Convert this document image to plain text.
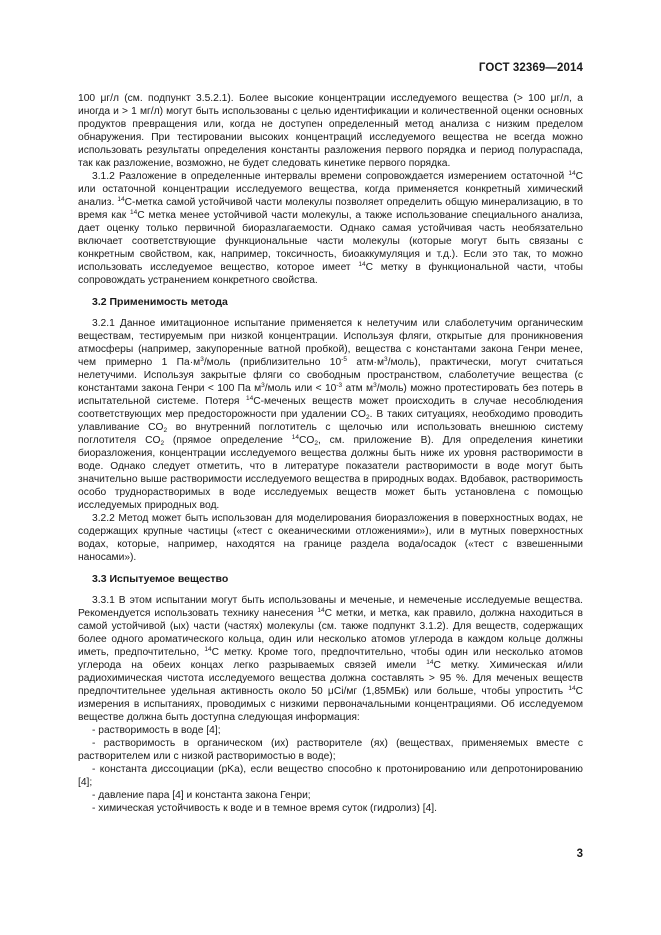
ГОСТ 32369—2014

100 μг/л (см. подпункт 3.5.2.1). Более высокие концентрации исследуемого вещества (> 100 μг/л, а иногда и > 1 мг/л) могут быть использованы с целью идентификации и количественной оценки основных продуктов превращения или, когда не доступен определенный метод анализа с низким пределом обнаружения. При тестировании высоких концентраций исследуемого вещества не всегда можно использовать результаты определения константы разложения первого порядка и период полураспада, так как разложение, возможно, не будет следовать кинетике первого порядка.

3.1.2 Разложение в определенные интервалы времени сопровождается измерением остаточной $^{14}$C или остаточной концентрации исследуемого вещества, когда применяется конкретный химический анализ. $^{14}$C-метка самой устойчивой части молекулы позволяет определить общую минерализацию, в то время как $^{14}$C метка менее устойчивой части молекулы, а также использование специального анализа, дает оценку только первичной биоразлагаемости. Однако самая устойчивая часть необязательно включает соответствующие функциональные части молекулы (которые могут быть связаны с конкретным свойством, как, например, токсичность, биоаккумуляция и т.д.). Если это так, то можно использовать исследуемое вещество, которое имеет $^{14}$C метку в функциональной части, чтобы сопровождать устранением конкретного свойства.

3.2 Применимость метода

3.2.1 Данное имитационное испытание применяется к нелетучим или слаболетучим органическим веществам, тестируемым при низкой концентрации. Используя фляги, открытые для проникновения атмосферы (например, закупоренные ватной пробкой), вещества с константами закона Генри менее, чем примерно 1 $Па\cdot м^3$/моль (приблизительно $10^{-5}$ $атм\cdot м^3/моль$), практически, могут считаться нелетучими. Используя закрытые фляги со свободным пространством, слаболетучие вещества (с константами закона Генри < 100 Па $м^3$/моль или < $10^{-3}$ атм $м^3/моль$) можно протестировать без потерь в испытательной системе. Потеря $^{14}$C-меченых веществ может происходить в случае несоблюдения соответствующих мер предосторожности при удалении $CO_2$. В таких ситуациях, необходимо проводить улавливание $CO_2$ во внутренний поглотитель с щелочью или использовать внешнюю систему поглотителя $CO_2$ (прямое определение $^{14}CO_2$, см. приложение В). Для определения кинетики биоразложения, концентрации исследуемого вещества должны быть ниже их уровня растворимости в воде. Однако следует отметить, что в литературе показатели растворимости в воде могут быть значительно выше растворимости исследуемого вещества в природных водах. Вдобавок, растворимость особо труднорастворимых в воде исследуемых веществ может быть установлена с помощью исследуемых природных вод.

3.2.2 Метод может быть использован для моделирования биоразложения в поверхностных водах, не содержащих крупные частицы («тест с океаническими отложениями»), или в мутных поверхностных водах, которые, например, находятся на границе раздела вода/осадок («тест с взвешенными наносами»).

3.3 Испытуемое вещество

3.3.1 В этом испытании могут быть использованы и меченые, и немеченые исследуемые вещества. Рекомендуется использовать технику нанесения $^{14}$C метки, и метка, как правило, должна находиться в самой устойчивой (ых) части (частях) молекулы (см. также подпункт 3.1.2). Для веществ, содержащих более одного ароматического кольца, один или несколько атомов углерода в каждом кольце должны иметь, предпочтительно, $^{14}$C метку. Кроме того, предпочтительно, чтобы один или несколько атомов углерода на обеих концах легко разрываемых связей имели $^{14}$C метку. Химическая и/или радиохимическая чистота исследуемого вещества должна составлять > 95 %. Для меченых веществ предпочтительнее удельная активность около 50 μCi/мг (1,85МБк) или больше, чтобы упростить $^{14}$C измерения в испытаниях, проводимых с низкими первоначальными концентрациями. Об исследуемом веществе должна быть доступна следующая информация:

- растворимость в воде [4];

- растворимость в органическом (их) растворителе (ях) (веществах, применяемых вместе с растворителем или с низкой растворимостью в воде);

- константа диссоциации (pKa), если вещество способно к протонированию или депротонированию [4];

- давление пара [4] и константа закона Генри;

- химическая устойчивость к воде и в темное время суток (гидролиз) [4].

3
